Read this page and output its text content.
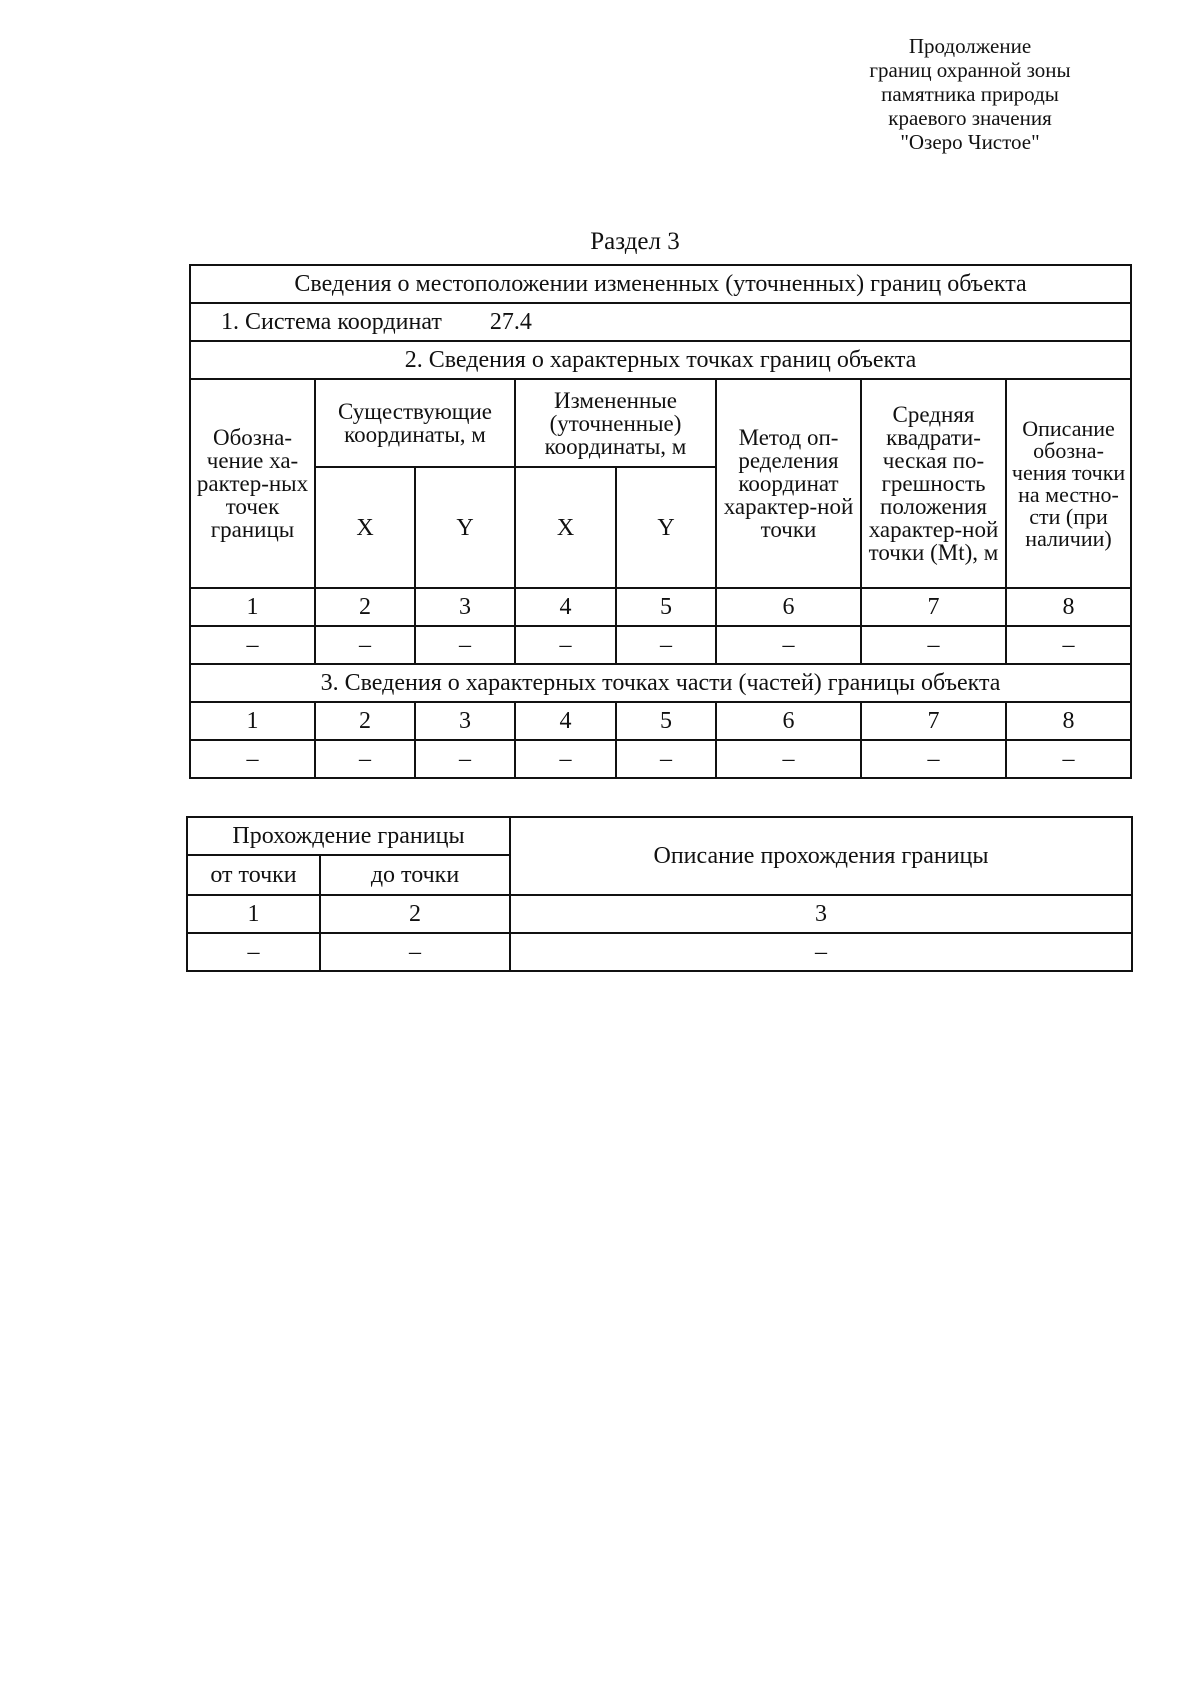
Продолжение
границ охранной зоны
памятника природы
краевого значения
"Озеро Чистое"
Раздел 3
Сведения о местоположении измененных (уточненных) границ объекта							
1. Система координат 27.4							
2. Сведения о характерных точках границ объекта							
Обозна-чение ха-рактер-ных точек границы	Существующие координаты, м		Измененные (уточненные) координаты, м		Метод оп-ределения координат характер-ной точки	Средняя квадрати-ческая по-грешность положения характер-ной точки (Mt), м	Описание обозна-чения точки на местно-сти (при наличии)
	X	Y	X	Y			
1	2	3	4	5	6	7	8
–	–	–	–	–	–	–	–
3. Сведения о характерных точках части (частей) границы объекта							
1	2	3	4	5	6	7	8
–	–	–	–	–	–	–	–
Прохождение границы		Описание прохождения границы
от точки	до точки	
1	2	3
–	–	–
